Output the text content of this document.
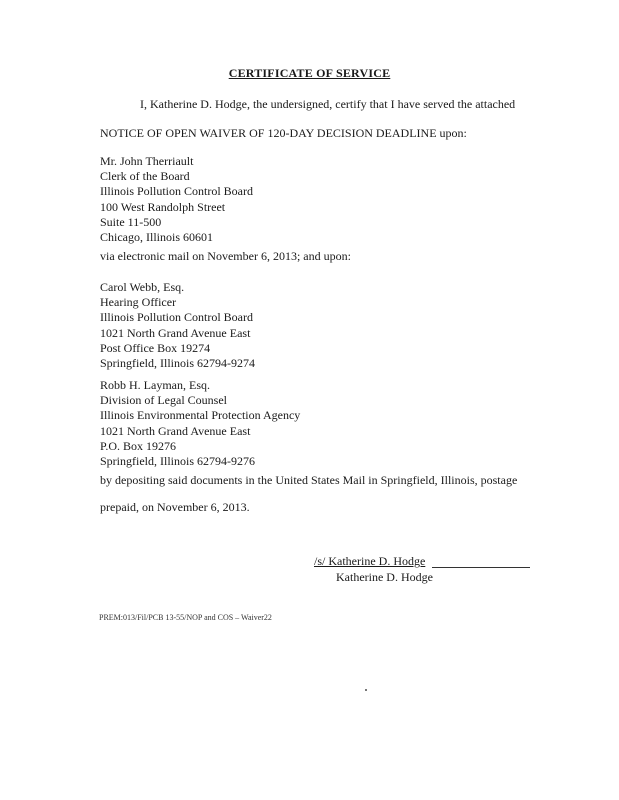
CERTIFICATE OF SERVICE
I, Katherine D. Hodge, the undersigned, certify that I have served the attached
NOTICE OF OPEN WAIVER OF 120-DAY DECISION DEADLINE upon:
Mr. John Therriault
Clerk of the Board
Illinois Pollution Control Board
100 West Randolph Street
Suite 11-500
Chicago, Illinois 60601
via electronic mail on November 6, 2013; and upon:
Carol Webb, Esq.
Hearing Officer
Illinois Pollution Control Board
1021 North Grand Avenue East
Post Office Box 19274
Springfield, Illinois 62794-9274
Robb H. Layman, Esq.
Division of Legal Counsel
Illinois Environmental Protection Agency
1021 North Grand Avenue East
P.O. Box 19276
Springfield, Illinois 62794-9276
by depositing said documents in the United States Mail in Springfield, Illinois, postage
prepaid, on November 6, 2013.
/s/ Katherine D. Hodge
Katherine D. Hodge
PREM:013/Fil/PCB 13-55/NOP and COS – Waiver22
